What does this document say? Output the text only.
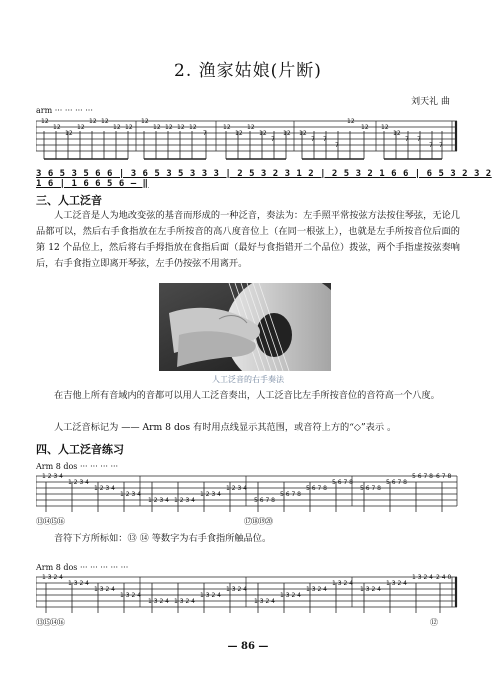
2. 渔家姑娘(片断)
刘天礼 曲
arm ··· ··· ··· ···
12
12
12
12
12 12
12 12
12
12 12 12 12
7
12
12
12
12
7
12 12
7 7
7
12
12 12
12
7 7
7 7
3 6 5 3 5 6 6 | 3 6 5 3 5 3 3 3 | 2 5 3 2 3 1 2 | 2 5 3 2 1 6 6 | 6 5 3 2 3 2 1 6 | 1 6 6 5 6 – ‖
三、人工泛音
人工泛音是人为地改变弦的基音而形成的一种泛音，奏法为：左手照平常按弦方法按住琴弦，无论几品都可以，然后右手食指放在左手所按音的高八度音位上（在同一根弦上），也就是左手所按音位后面的第 12 个品位上，然后将右手拇指放在食指后面（最好与食指错开二个品位）拨弦，两个手指虚按弦奏响后，右手食指立即离开琴弦，左手仍按弦不用离开。
人工泛音的右手奏法
在吉他上所有音域内的音都可以用人工泛音奏出，人工泛音比左手所按音位的音符高一个八度。
人工泛音标记为 —— Arm 8 dos 有时用点线显示其范围，或音符上方的“◇”表示 。
四、人工泛音练习
Arm 8 dos ··· ··· ··· ···
1 2 3 4
1 2 3 4
1 2 3 4
1 2 3 4
1 2 3 4 1 2 3 4
1 2 3 4
1 2 3 4
5 6 7 8
5 6 7 8
5 6 7 8
5 6 7 8
5 6 7 8
5 6 7 8
5 6 7 8 6 7 8
⑬⑭⑮⑯	⑰⑱⑲⑳
音符下方所标如：⑬ ⑭ 等数字为右手食指所触品位。
Arm 8 dos ··· ··· ··· ··· ···
1 3 2 4
1 3 2 4
1 3 2 4
1 3 2 4
1 3 2 4 1 3 2 4
1 3 2 4
1 3 2 4
1 3 2 4
1 3 2 4
1 3 2 4
1 3 2 4
1 3 2 4
1 3 2 4
1 3 2 4 2 4 0
⑬⑮⑭⑯	⑫
— 86 —
